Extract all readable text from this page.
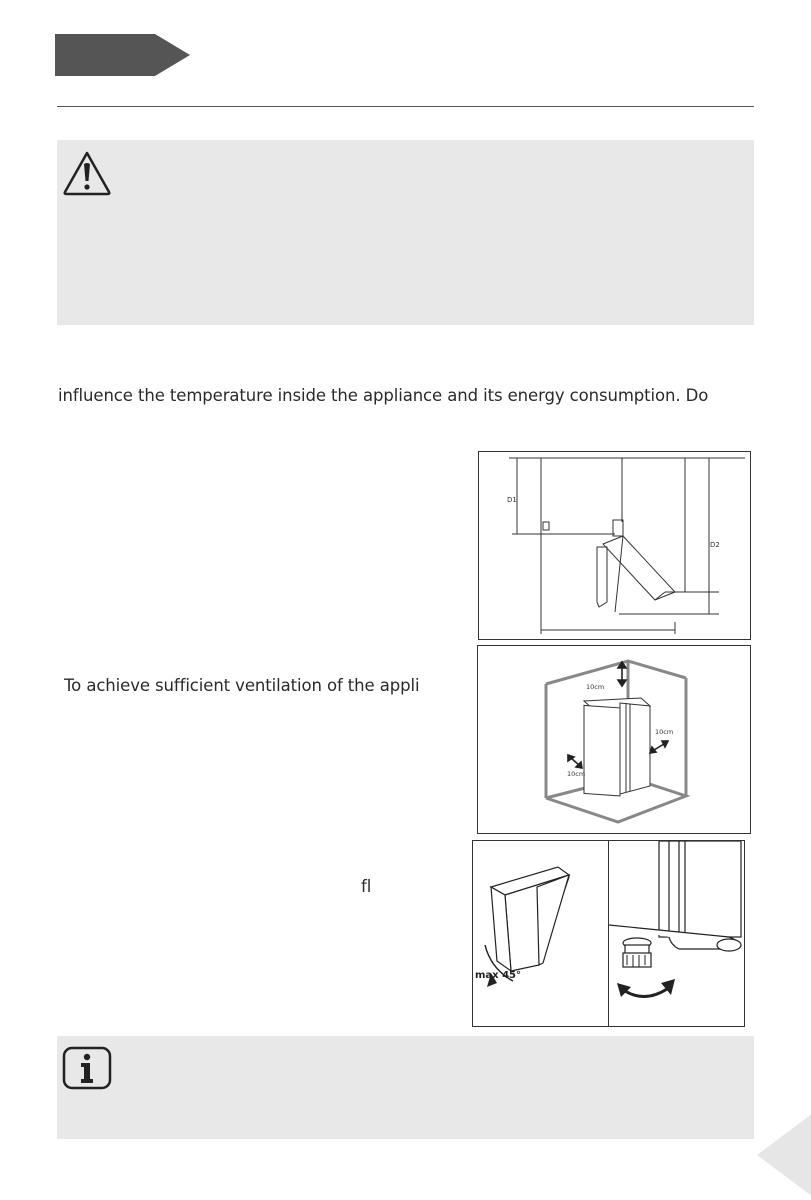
influence the temperature inside the appliance and its energy consumption. Do
To achieve sufficient ventilation of the appli
fl
D1
D2
10cm
10cm
10cm
max 45°
